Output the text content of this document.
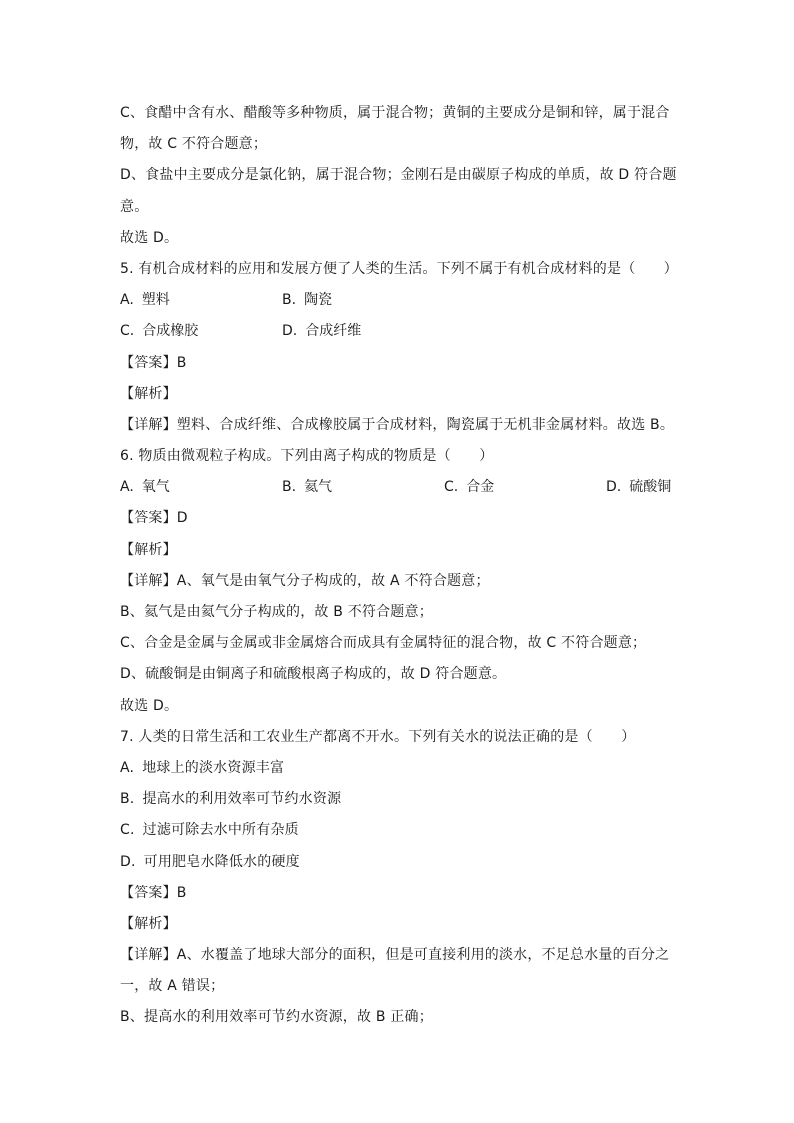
C、食醋中含有水、醋酸等多种物质，属于混合物；黄铜的主要成分是铜和锌，属于混合
物，故 C 不符合题意；
D、食盐中主要成分是氯化钠，属于混合物；金刚石是由碳原子构成的单质，故 D 符合题
意。
故选 D。
5. 有机合成材料的应用和发展方便了人类的生活。下列不属于有机合成材料的是（　　）
A. 塑料	B. 陶瓷
C. 合成橡胶	D. 合成纤维
【答案】B
【解析】
【详解】塑料、合成纤维、合成橡胶属于合成材料，陶瓷属于无机非金属材料。故选 B。
6. 物质由微观粒子构成。下列由离子构成的物质是（　　）
A. 氧气	B. 氦气	C. 合金	D. 硫酸铜
【答案】D
【解析】
【详解】A、氧气是由氧气分子构成的，故 A 不符合题意；
B、氦气是由氦气分子构成的，故 B 不符合题意；
C、合金是金属与金属或非金属熔合而成具有金属特征的混合物，故 C 不符合题意；
D、硫酸铜是由铜离子和硫酸根离子构成的，故 D 符合题意。
故选 D。
7. 人类的日常生活和工农业生产都离不开水。下列有关水的说法正确的是（　　）
A. 地球上的淡水资源丰富
B. 提高水的利用效率可节约水资源
C. 过滤可除去水中所有杂质
D. 可用肥皂水降低水的硬度
【答案】B
【解析】
【详解】A、水覆盖了地球大部分的面积，但是可直接利用的淡水，不足总水量的百分之
一，故 A 错误；
B、提高水的利用效率可节约水资源，故 B 正确；
